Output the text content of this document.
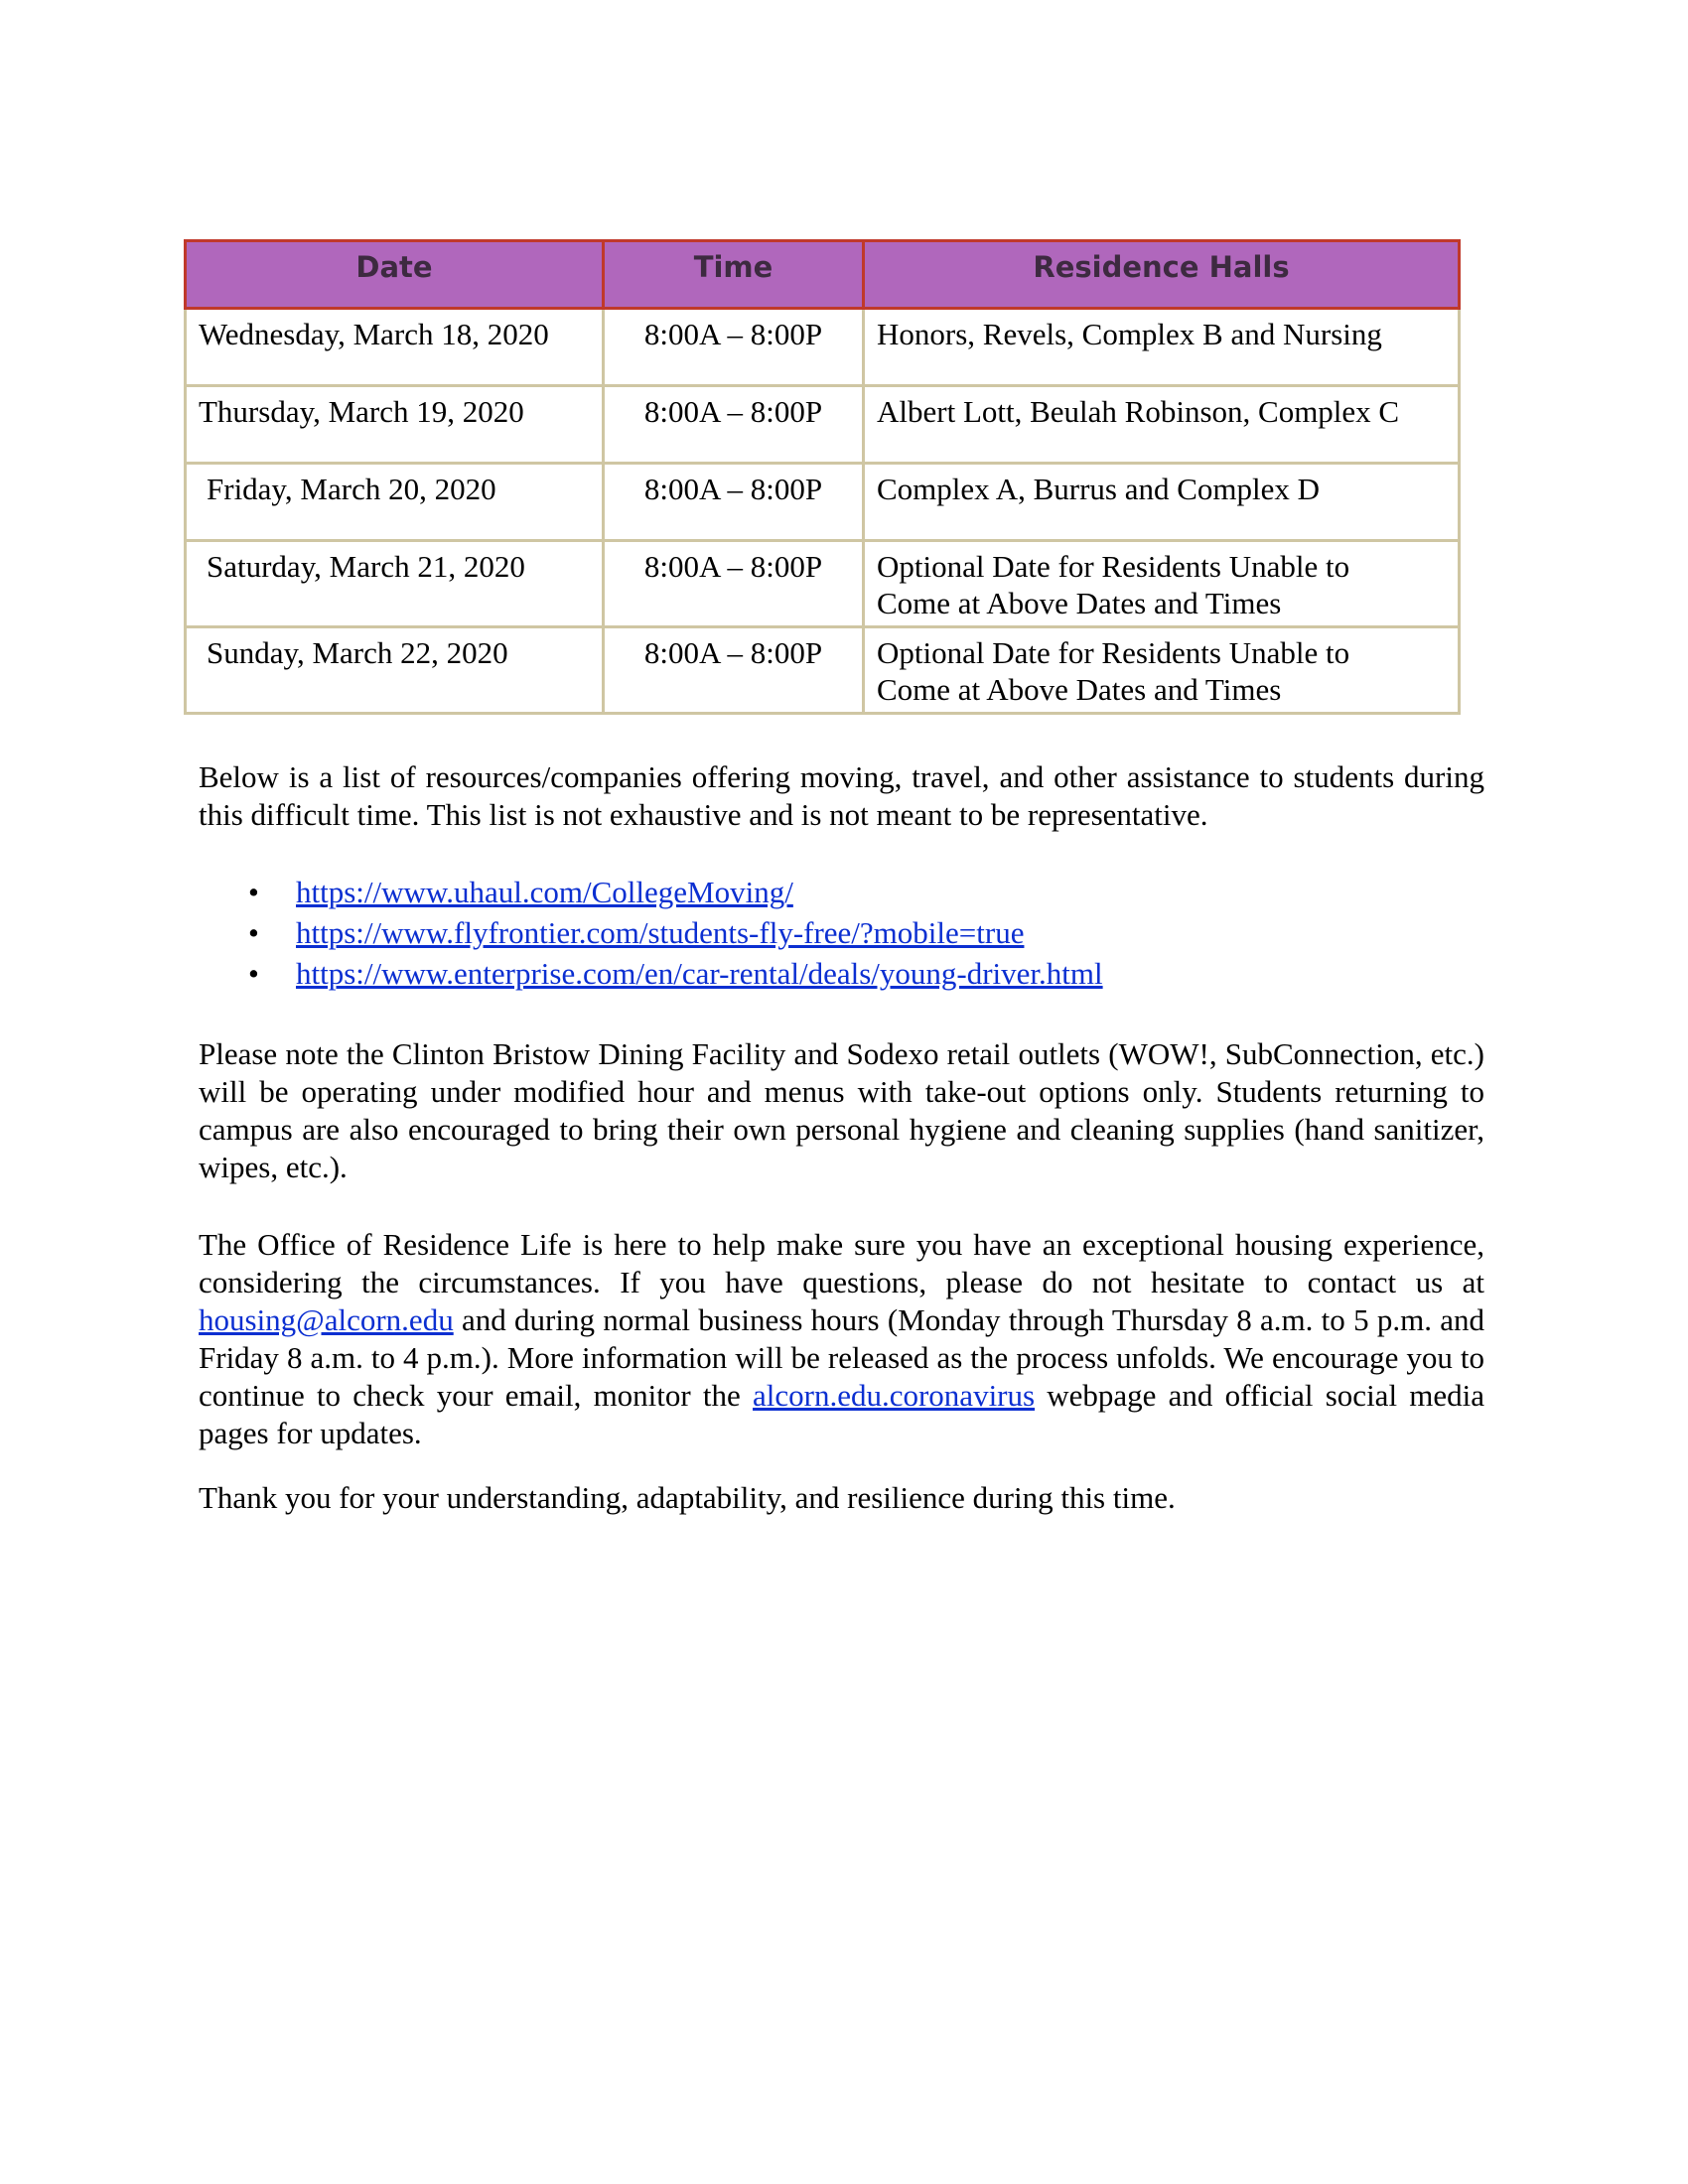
Date	Time	Residence Halls
Wednesday, March 18, 2020	8:00A – 8:00P	Honors, Revels, Complex B and Nursing
Thursday, March 19, 2020	8:00A – 8:00P	Albert Lott, Beulah Robinson, Complex C
Friday, March 20, 2020	8:00A – 8:00P	Complex A, Burrus and Complex D
Saturday, March 21, 2020	8:00A – 8:00P	Optional Date for Residents Unable to
Come at Above Dates and Times
Sunday, March 22, 2020	8:00A – 8:00P	Optional Date for Residents Unable to
Come at Above Dates and Times

Below is a list of resources/companies offering moving, travel, and other assistance to students during this difficult time. This list is not exhaustive and is not meant to be representative.

• https://www.uhaul.com/CollegeMoving/
• https://www.flyfrontier.com/students-fly-free/?mobile=true
• https://www.enterprise.com/en/car-rental/deals/young-driver.html

Please note the Clinton Bristow Dining Facility and Sodexo retail outlets (WOW!, SubConnection, etc.) will be operating under modified hour and menus with take-out options only. Students returning to campus are also encouraged to bring their own personal hygiene and cleaning supplies (hand sanitizer, wipes, etc.).

The Office of Residence Life is here to help make sure you have an exceptional housing experience, considering the circumstances. If you have questions, please do not hesitate to contact us at housing@alcorn.edu and during normal business hours (Monday through Thursday 8 a.m. to 5 p.m. and Friday 8 a.m. to 4 p.m.). More information will be released as the process unfolds. We encourage you to continue to check your email, monitor the alcorn.edu.coronavirus webpage and official social media pages for updates.

Thank you for your understanding, adaptability, and resilience during this time.
